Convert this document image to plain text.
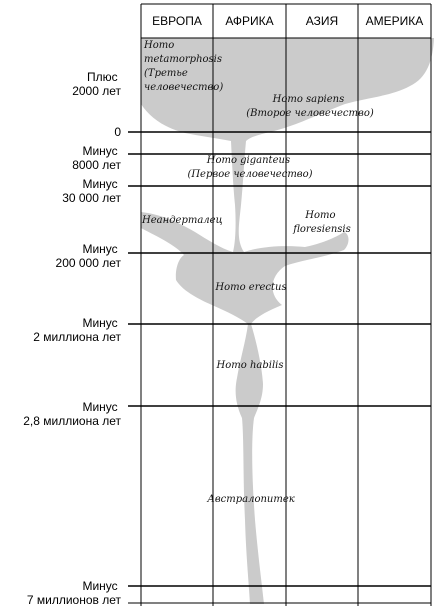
ЕВРОПА АФРИКА	АЗИЯ АМЕРИКА
Плюс 2000 лет
0
Минус 8000 лет
Минус 30 000 лет
Минус 200 000 лет
Минус 2 миллиона лет
Минус 2,8 миллиона лет
Минус 7 миллионов лет
Homo metamorphosis (Третье человечество)
Homo sapiens (Второе человечество)
Homo giganteus (Первое человечество)
Неандерталец	Homo floresiensis
Homo erectus
Homo habilis
Австралопитек
